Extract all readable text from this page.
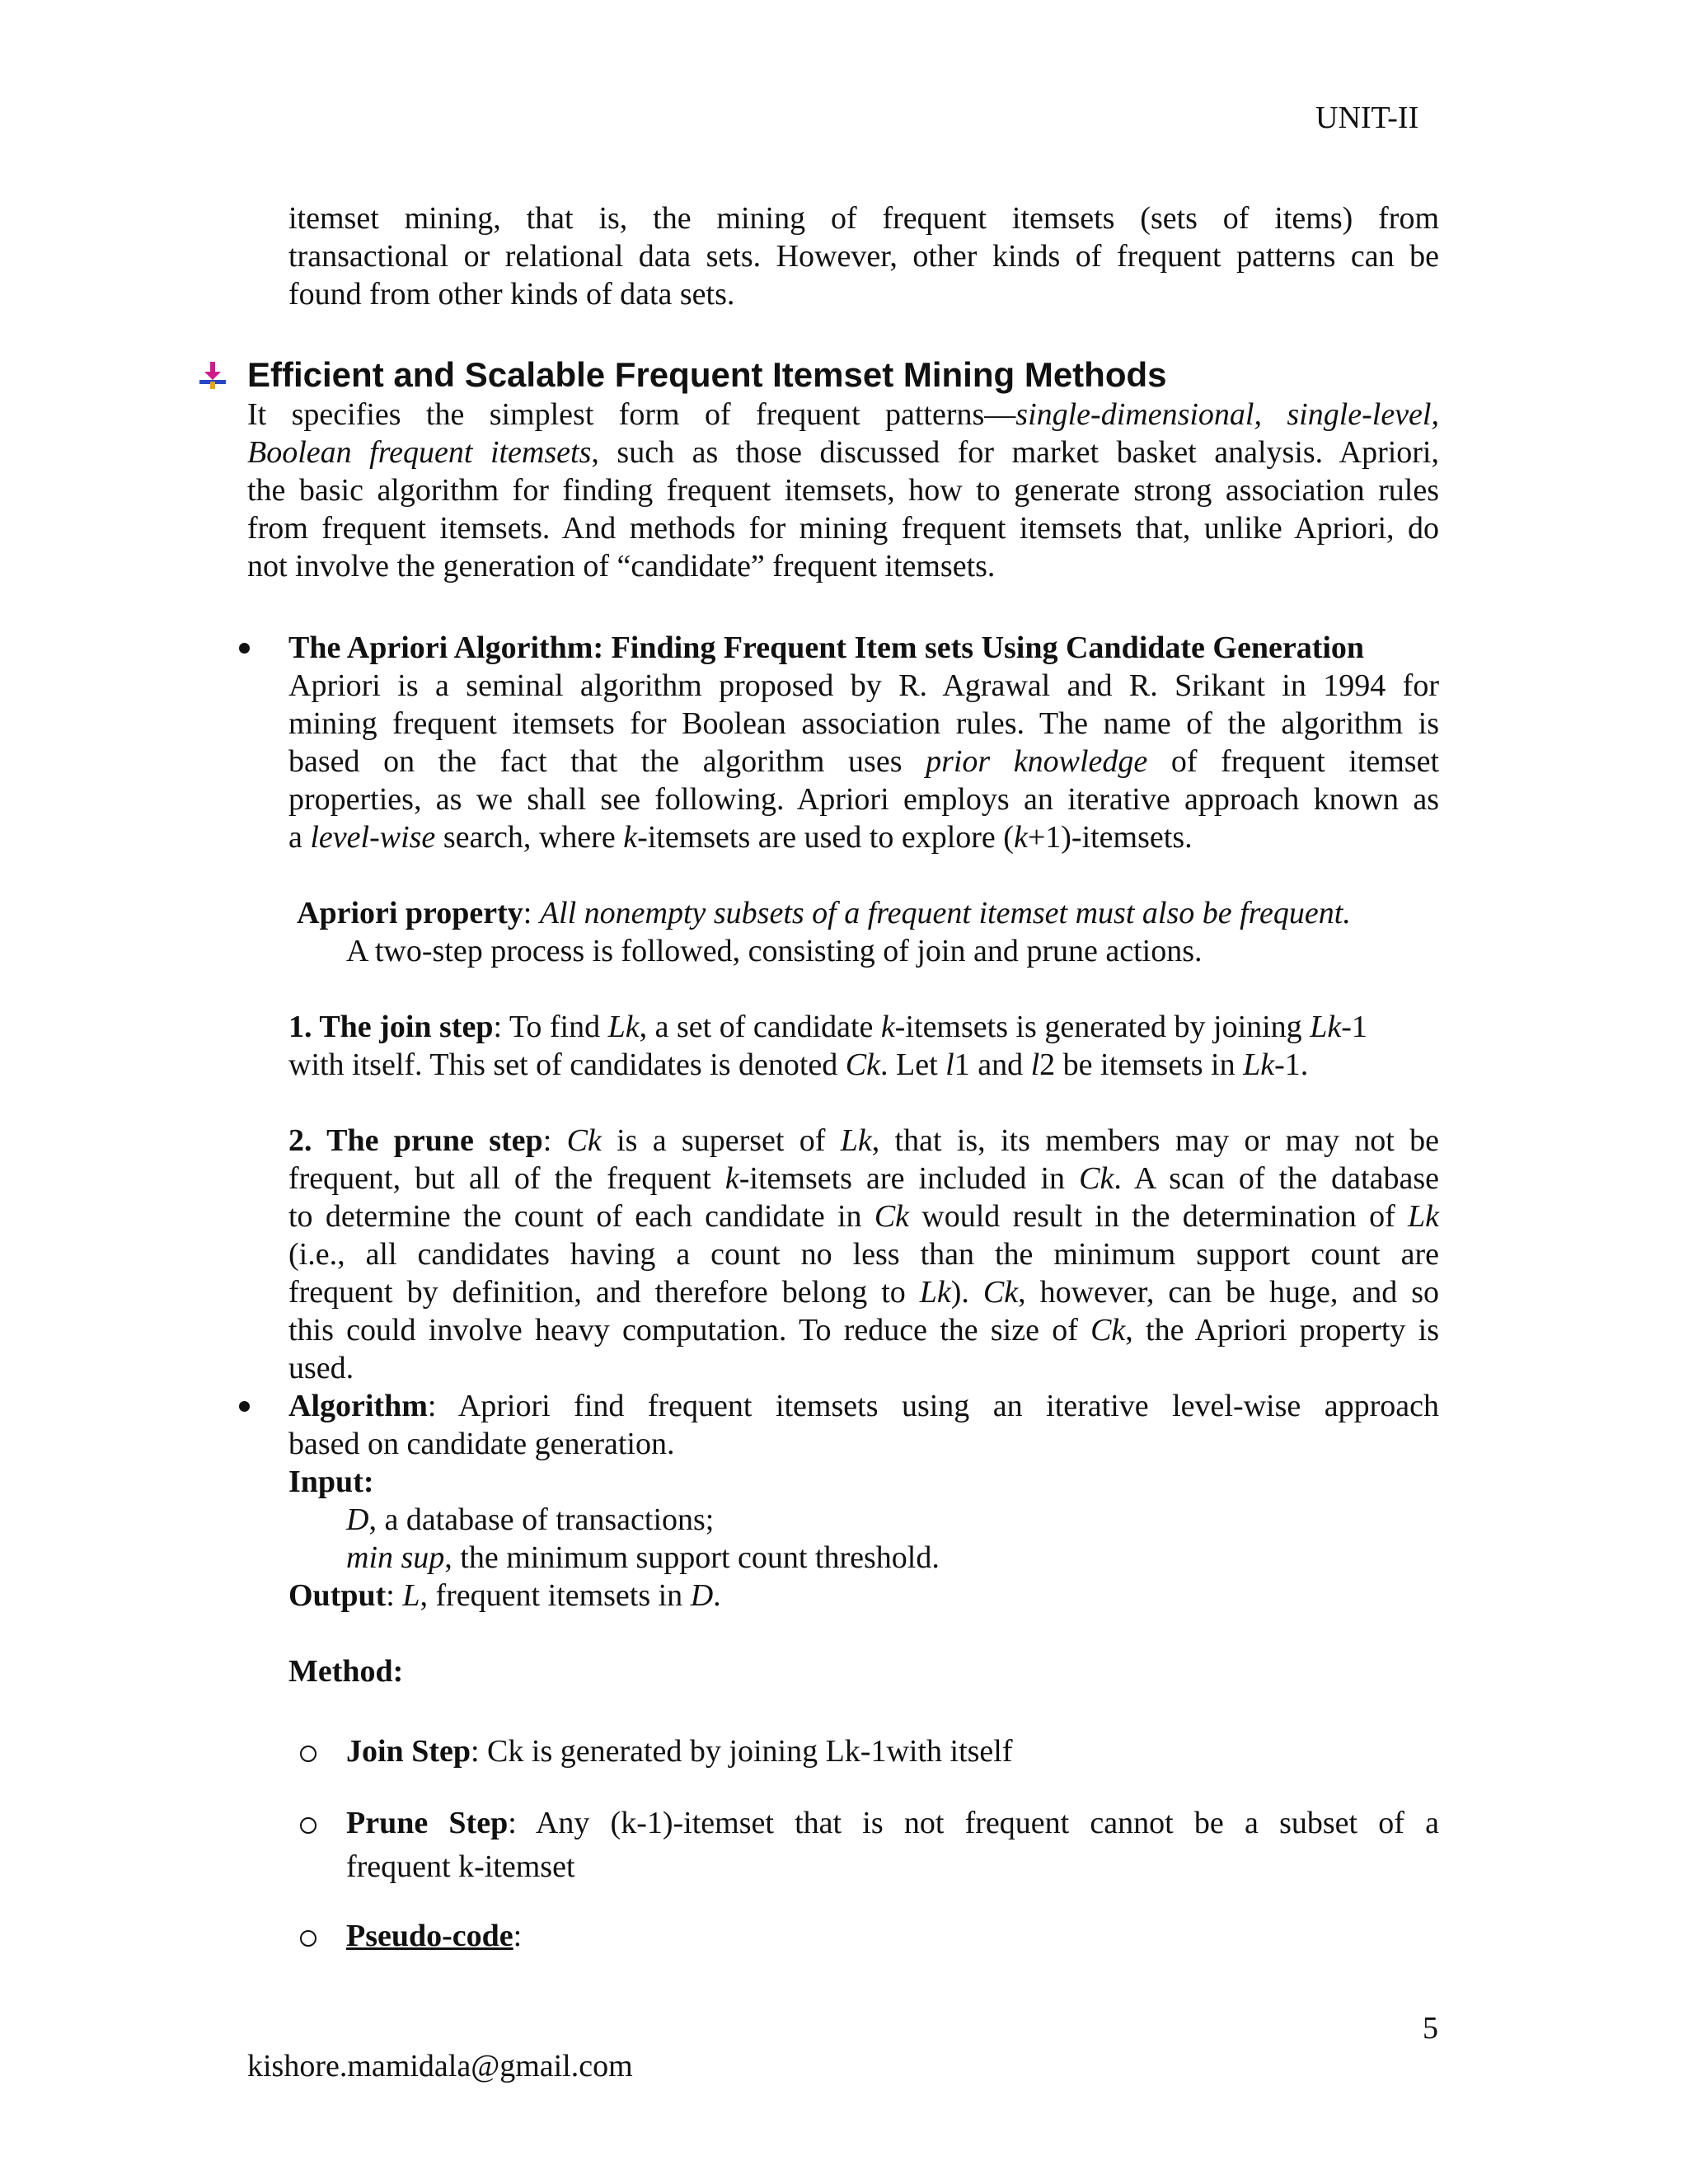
UNIT-II
itemset mining, that is, the mining of frequent itemsets (sets of items) from
transactional or relational data sets. However, other kinds of frequent patterns can be
found from other kinds of data sets.
Efficient and Scalable Frequent Itemset Mining Methods
It specifies the simplest form of frequent patterns—single-dimensional, single-level,
Boolean frequent itemsets, such as those discussed for market basket analysis. Apriori,
the basic algorithm for finding frequent itemsets, how to generate strong association rules
from frequent itemsets. And methods for mining frequent itemsets that, unlike Apriori, do
not involve the generation of “candidate” frequent itemsets.
The Apriori Algorithm: Finding Frequent Item sets Using Candidate Generation
Apriori is a seminal algorithm proposed by R. Agrawal and R. Srikant in 1994 for
mining frequent itemsets for Boolean association rules. The name of the algorithm is
based on the fact that the algorithm uses prior knowledge of frequent itemset
properties, as we shall see following. Apriori employs an iterative approach known as
a level-wise search, where k-itemsets are used to explore (k+1)-itemsets.
Apriori property: All nonempty subsets of a frequent itemset must also be frequent.
A two-step process is followed, consisting of join and prune actions.
1. The join step: To find Lk, a set of candidate k-itemsets is generated by joining Lk-1
with itself. This set of candidates is denoted Ck. Let l1 and l2 be itemsets in Lk-1.
2. The prune step: Ck is a superset of Lk, that is, its members may or may not be
frequent, but all of the frequent k-itemsets are included in Ck. A scan of the database
to determine the count of each candidate in Ck would result in the determination of Lk
(i.e., all candidates having a count no less than the minimum support count are
frequent by definition, and therefore belong to Lk). Ck, however, can be huge, and so
this could involve heavy computation. To reduce the size of Ck, the Apriori property is
used.
Algorithm: Apriori find frequent itemsets using an iterative level-wise approach
based on candidate generation.
Input:
D, a database of transactions;
min sup, the minimum support count threshold.
Output: L, frequent itemsets in D.
Method:
Join Step: Ck is generated by joining Lk-1with itself
Prune Step: Any (k-1)-itemset that is not frequent cannot be a subset of a
frequent k-itemset
Pseudo-code:
5
kishore.mamidala@gmail.com
